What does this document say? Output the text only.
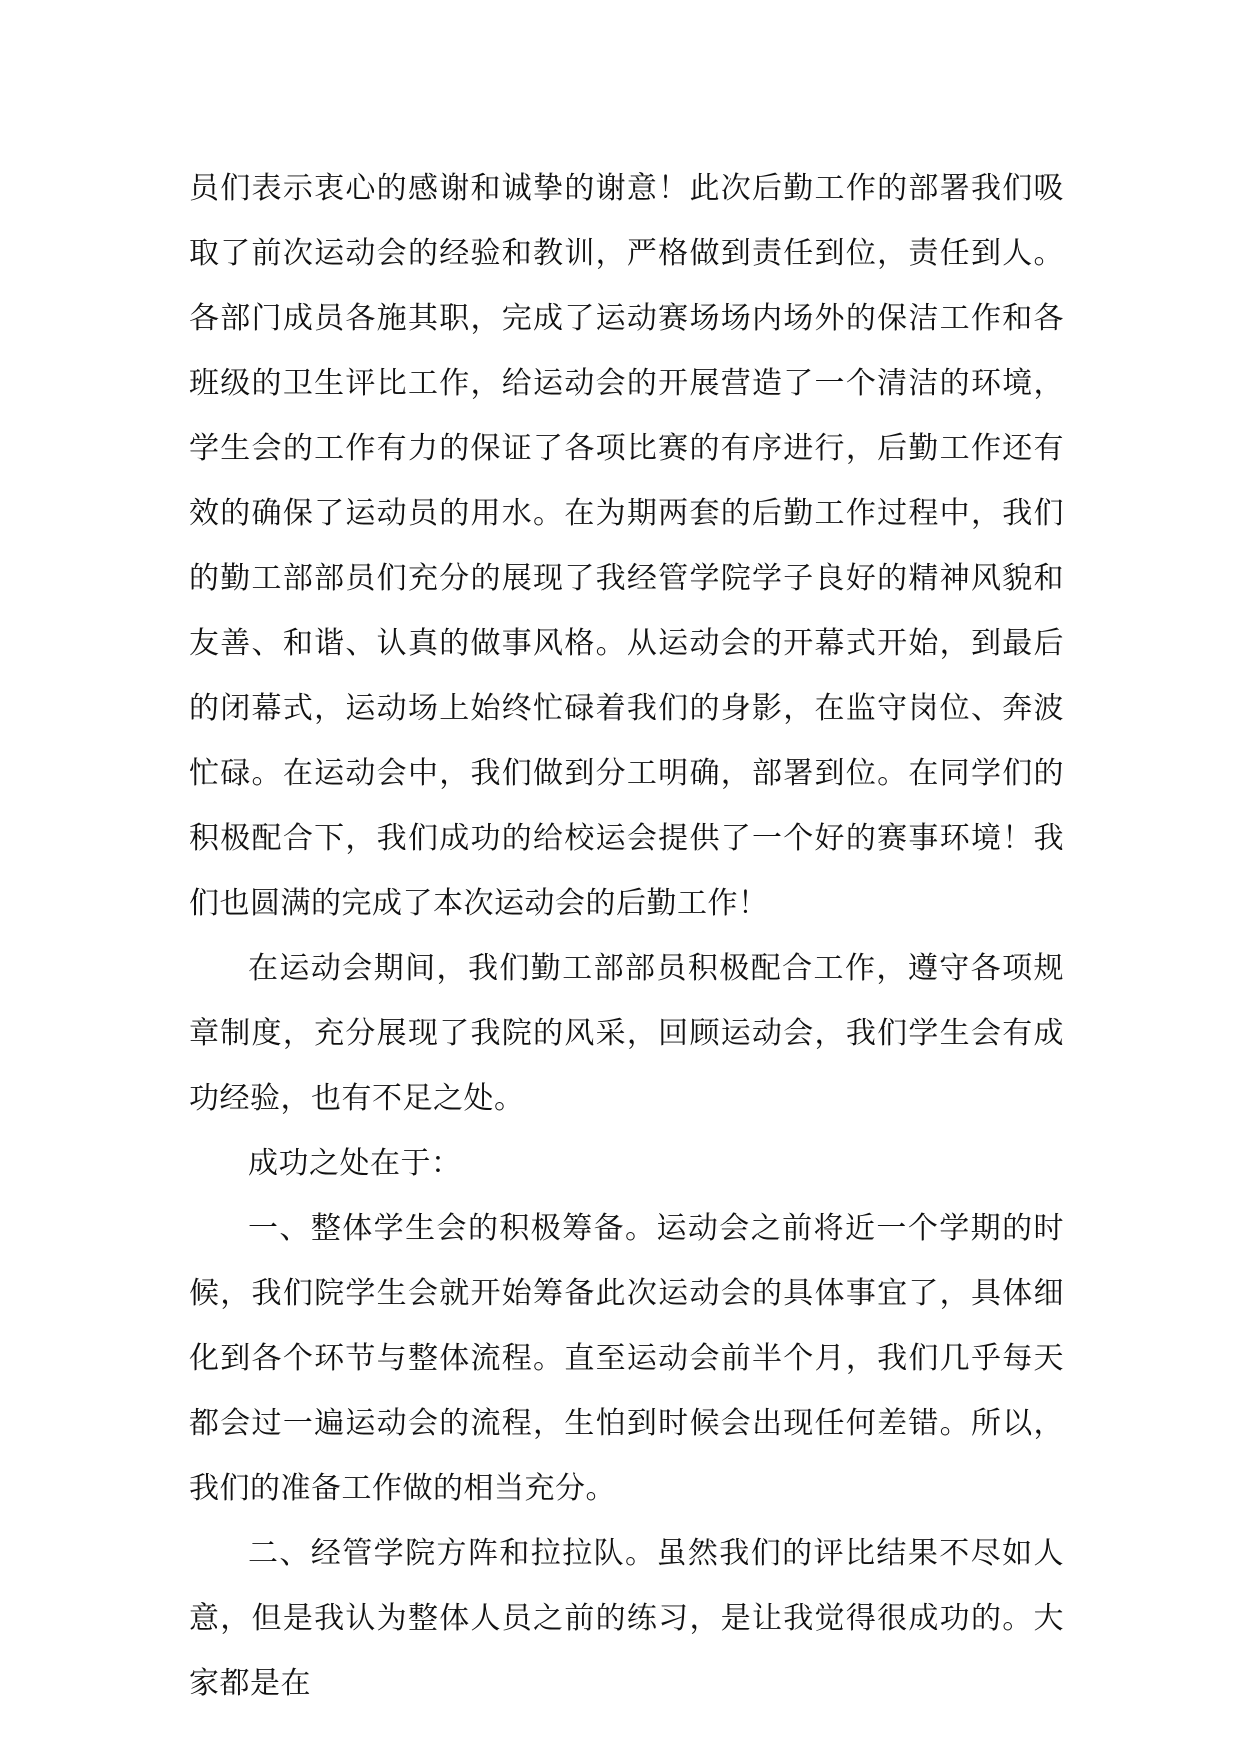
员们表示衷心的感谢和诚挚的谢意！此次后勤工作的部署我们吸取了前次运动会的经验和教训，严格做到责任到位，责任到人。各部门成员各施其职，完成了运动赛场场内场外的保洁工作和各班级的卫生评比工作，给运动会的开展营造了一个清洁的环境，学生会的工作有力的保证了各项比赛的有序进行，后勤工作还有效的确保了运动员的用水。在为期两套的后勤工作过程中，我们的勤工部部员们充分的展现了我经管学院学子良好的精神风貌和友善、和谐、认真的做事风格。从运动会的开幕式开始，到最后的闭幕式，运动场上始终忙碌着我们的身影，在监守岗位、奔波忙碌。在运动会中，我们做到分工明确，部署到位。在同学们的积极配合下，我们成功的给校运会提供了一个好的赛事环境！我们也圆满的完成了本次运动会的后勤工作！

在运动会期间，我们勤工部部员积极配合工作，遵守各项规章制度，充分展现了我院的风采，回顾运动会，我们学生会有成功经验，也有不足之处。

成功之处在于：

一、整体学生会的积极筹备。运动会之前将近一个学期的时候，我们院学生会就开始筹备此次运动会的具体事宜了，具体细化到各个环节与整体流程。直至运动会前半个月，我们几乎每天都会过一遍运动会的流程，生怕到时候会出现任何差错。所以，我们的准备工作做的相当充分。

二、经管学院方阵和拉拉队。虽然我们的评比结果不尽如人意，但是我认为整体人员之前的练习，是让我觉得很成功的。大家都是在
